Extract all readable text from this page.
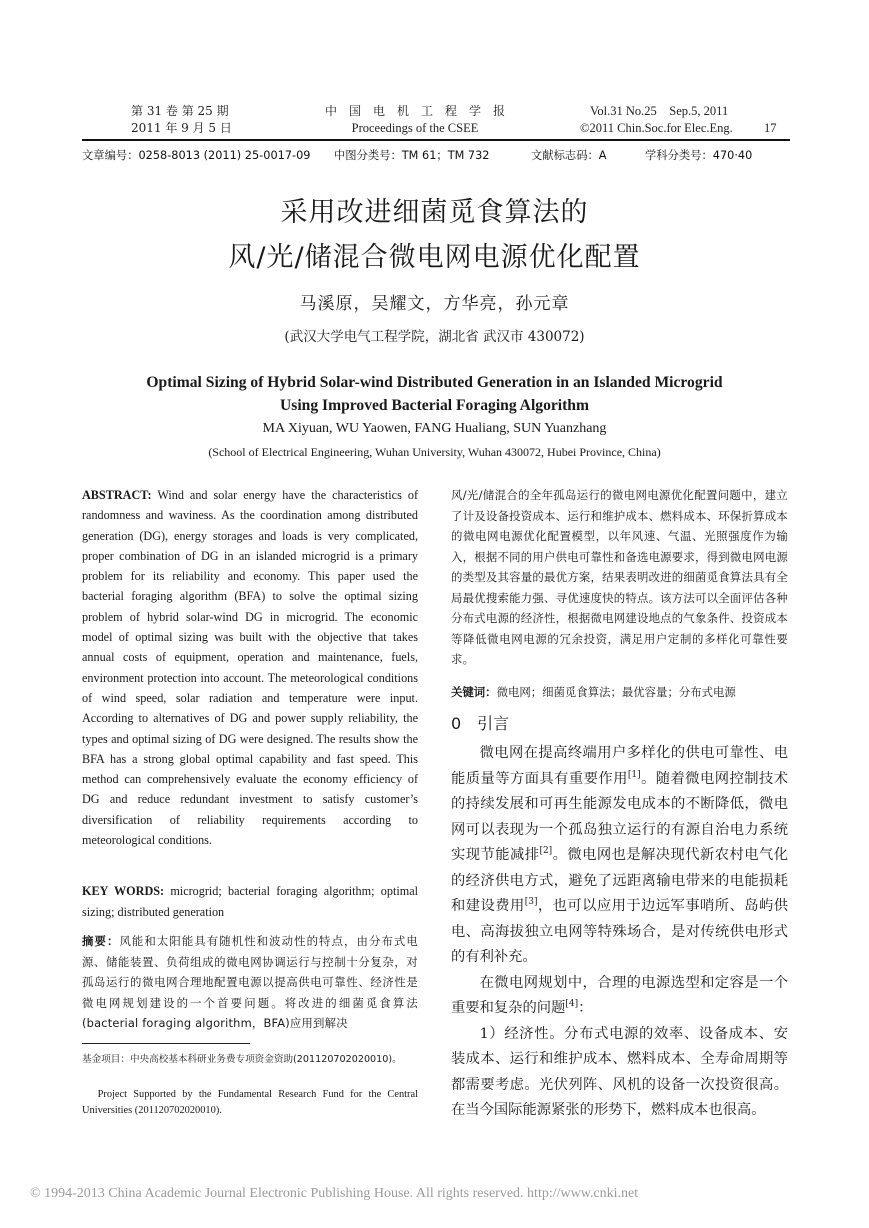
第 31 卷 第 25 期
2011 年 9 月 5 日
中　国　电　机　工　程　学　报
Proceedings of the CSEE
Vol.31 No.25　Sep.5, 2011
©2011 Chin.Soc.for Elec.Eng. 17
文章编号：0258-8013 (2011) 25-0017-09 中图分类号：TM 61；TM 732	文献标志码：A	学科分类号：470·40
采用改进细菌觅食算法的
风/光/储混合微电网电源优化配置
马溪原，吴耀文，方华亮，孙元章
(武汉大学电气工程学院，湖北省 武汉市 430072)
Optimal Sizing of Hybrid Solar-wind Distributed Generation in an Islanded Microgrid
Using Improved Bacterial Foraging Algorithm
MA Xiyuan, WU Yaowen, FANG Hualiang, SUN Yuanzhang
(School of Electrical Engineering, Wuhan University, Wuhan 430072, Hubei Province, China)
ABSTRACT: Wind and solar energy have the characteristics of randomness and waviness. As the coordination among distributed generation (DG), energy storages and loads is very complicated, proper combination of DG in an islanded microgrid is a primary problem for its reliability and economy. This paper used the bacterial foraging algorithm (BFA) to solve the optimal sizing problem of hybrid solar-wind DG in microgrid. The economic model of optimal sizing was built with the objective that takes annual costs of equipment, operation and maintenance, fuels, environment protection into account. The meteorological conditions of wind speed, solar radiation and temperature were input. According to alternatives of DG and power supply reliability, the types and optimal sizing of DG were designed. The results show the BFA has a strong global optimal capability and fast speed. This method can comprehensively evaluate the economy efficiency of DG and reduce redundant investment to satisfy customer’s diversification of reliability requirements according to meteorological conditions.
KEY WORDS: microgrid; bacterial foraging algorithm; optimal sizing; distributed generation
摘要：风能和太阳能具有随机性和波动性的特点，由分布式电源、储能装置、负荷组成的微电网协调运行与控制十分复杂，对孤岛运行的微电网合理地配置电源以提高供电可靠性、经济性是微电网规划建设的一个首要问题。将改进的细菌觅食算法(bacterial foraging algorithm，BFA)应用到解决
基金项目：中央高校基本科研业务费专项资金资助(201120702020010)。
Project Supported by the Fundamental Research Fund for the Central Universities (201120702020010).
风/光/储混合的全年孤岛运行的微电网电源优化配置问题中，建立了计及设备投资成本、运行和维护成本、燃料成本、环保折算成本的微电网电源优化配置模型，以年风速、气温、光照强度作为输入，根据不同的用户供电可靠性和备选电源要求，得到微电网电源的类型及其容量的最优方案，结果表明改进的细菌觅食算法具有全局最优搜索能力强、寻优速度快的特点。该方法可以全面评估各种分布式电源的经济性，根据微电网建设地点的气象条件、投资成本等降低微电网电源的冗余投资，满足用户定制的多样化可靠性要求。
关键词：微电网；细菌觅食算法；最优容量；分布式电源
0　引言

微电网在提高终端用户多样化的供电可靠性、电能质量等方面具有重要作用[1]。随着微电网控制技术的持续发展和可再生能源发电成本的不断降低，微电网可以表现为一个孤岛独立运行的有源自治电力系统实现节能减排[2]。微电网也是解决现代新农村电气化的经济供电方式，避免了远距离输电带来的电能损耗和建设费用[3]，也可以应用于边远军事哨所、岛屿供电、高海拔独立电网等特殊场合，是对传统供电形式的有利补充。

在微电网规划中，合理的电源选型和定容是一个重要和复杂的问题[4]：

1）经济性。分布式电源的效率、设备成本、安装成本、运行和维护成本、燃料成本、全寿命周期等都需要考虑。光伏列阵、风机的设备一次投资很高。在当今国际能源紧张的形势下，燃料成本也很高。

© 1994-2013 China Academic Journal Electronic Publishing House. All rights reserved. http://www.cnki.net
